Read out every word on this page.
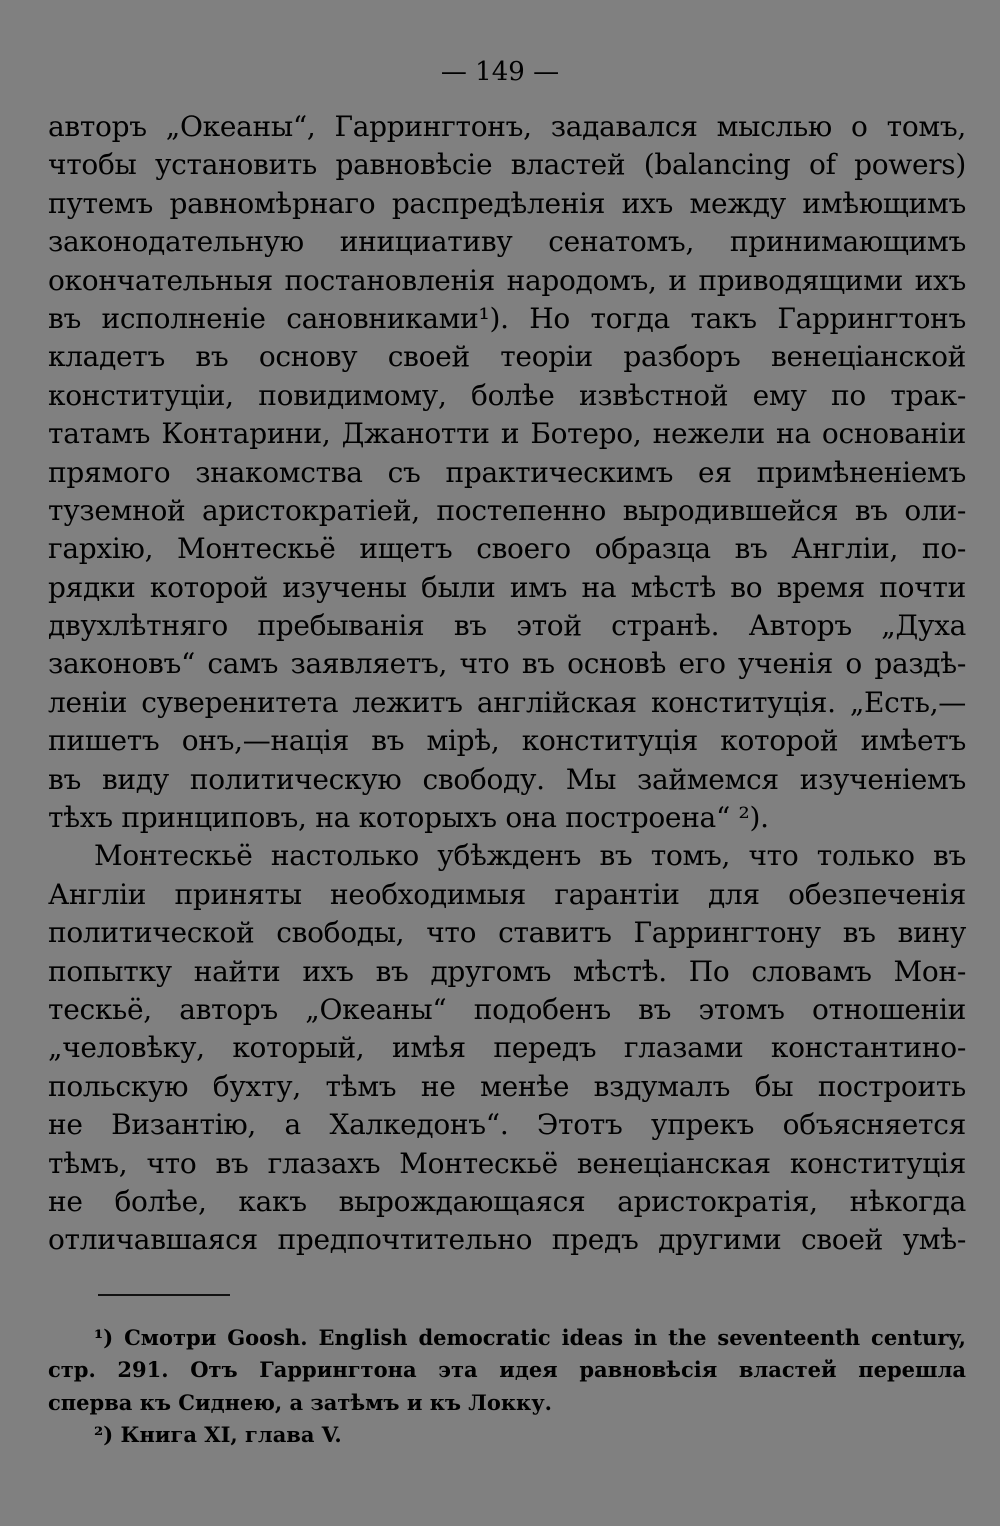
— 149 —
авторъ „Океаны“, Гаррингтонъ, задавался мыслью о томъ,
чтобы установить равновѣсіе властей (balancing of powers)
путемъ равномѣрнаго распредѣленія ихъ между имѣющимъ
законодательную инициативу сенатомъ, принимающимъ
окончательныя постановленія народомъ, и приводящими ихъ
въ исполненіе сановниками¹). Но тогда такъ Гаррингтонъ
кладетъ въ основу своей теоріи разборъ венеціанской
конституціи, повидимому, болѣе извѣстной ему по трак-
татамъ Контарини, Джанотти и Ботеро, нежели на основаніи
прямого знакомства съ практическимъ ея примѣненіемъ
туземной аристократіей, постепенно выродившейся въ оли-
гархію, Монтескьё ищетъ своего образца въ Англіи, по-
рядки которой изучены были имъ на мѣстѣ во время почти
двухлѣтняго пребыванія въ этой странѣ. Авторъ „Духа
законовъ“ самъ заявляетъ, что въ основѣ его ученія о раздѣ-
леніи суверенитета лежитъ англійская конституція. „Есть,—
пишетъ онъ,—нація въ мірѣ, конституція которой имѣетъ
въ виду политическую свободу. Мы займемся изученіемъ
тѣхъ принциповъ, на которыхъ она построена“ ²).
Монтескьё настолько убѣжденъ въ томъ, что только въ
Англіи приняты необходимыя гарантіи для обезпеченія
политической свободы, что ставитъ Гаррингтону въ вину
попытку найти ихъ въ другомъ мѣстѣ. По словамъ Мон-
тескьё, авторъ „Океаны“ подобенъ въ этомъ отношеніи
„человѣку, который, имѣя передъ глазами константино-
польскую бухту, тѣмъ не менѣе вздумалъ бы построить
не Византію, а Халкедонъ“. Этотъ упрекъ объясняется
тѣмъ, что въ глазахъ Монтескьё венеціанская конституція
не болѣе, какъ вырождающаяся аристократія, нѣкогда
отличавшаяся предпочтительно предъ другими своей умѣ-
¹) Смотри Goosh. English democratic ideas in the seventeenth century,
стр. 291. Отъ Гаррингтона эта идея равновѣсія властей перешла
сперва къ Сиднею, а затѣмъ и къ Локку.
²) Книга XI, глава V.
